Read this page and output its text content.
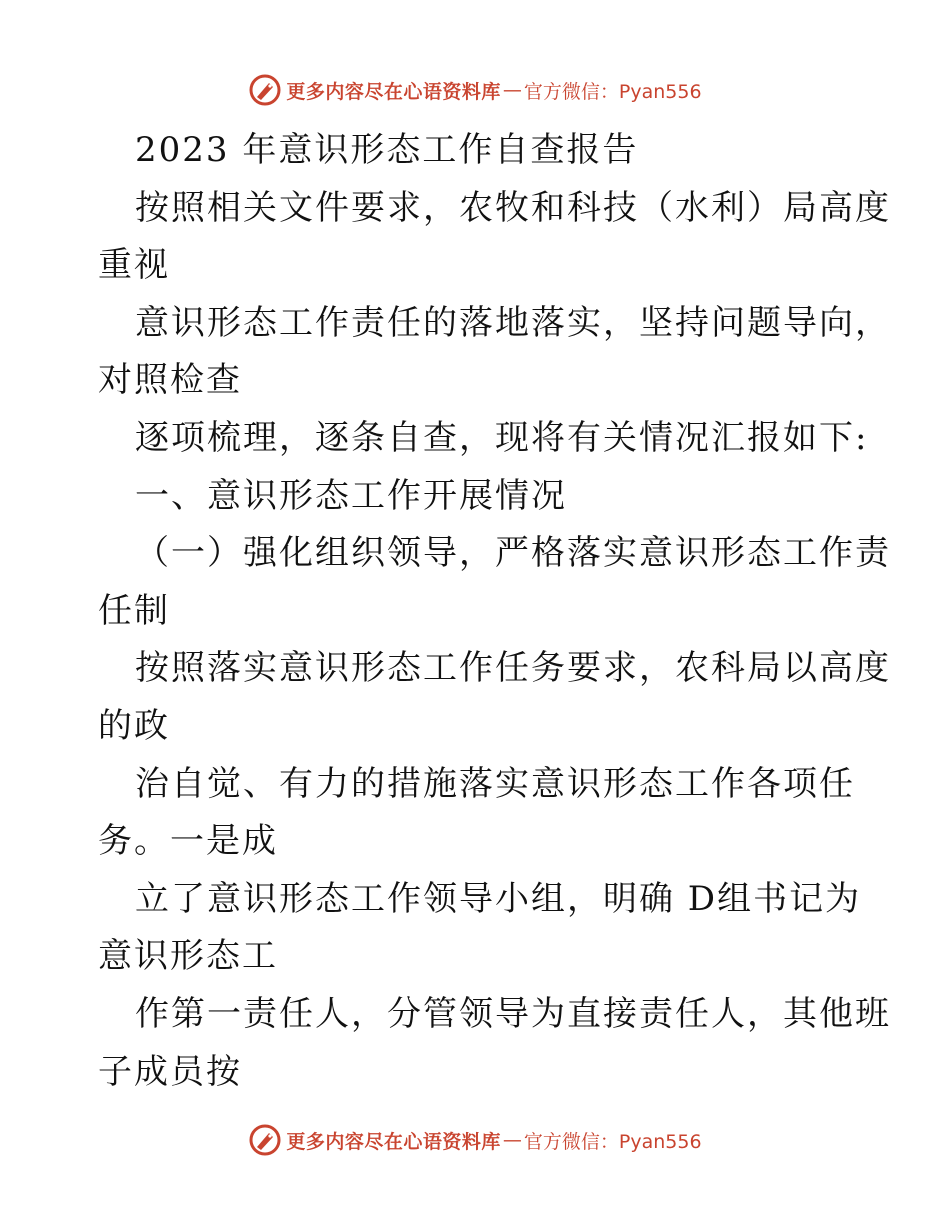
更多内容尽在心语资料库 — 官方微信：Pyan556
2023 年意识形态工作自查报告
按照相关文件要求，农牧和科技（水利）局高度
重视
意识形态工作责任的落地落实，坚持问题导向，
对照检查
逐项梳理，逐条自查，现将有关情况汇报如下:
一、意识形态工作开展情况
（一）强化组织领导，严格落实意识形态工作责
任制
按照落实意识形态工作任务要求，农科局以高度
的政
治自觉、有力的措施落实意识形态工作各项任
务。一是成
立了意识形态工作领导小组，明确 D组书记为
意识形态工
作第一责任人，分管领导为直接责任人，其他班
子成员按
更多内容尽在心语资料库 — 官方微信：Pyan556
